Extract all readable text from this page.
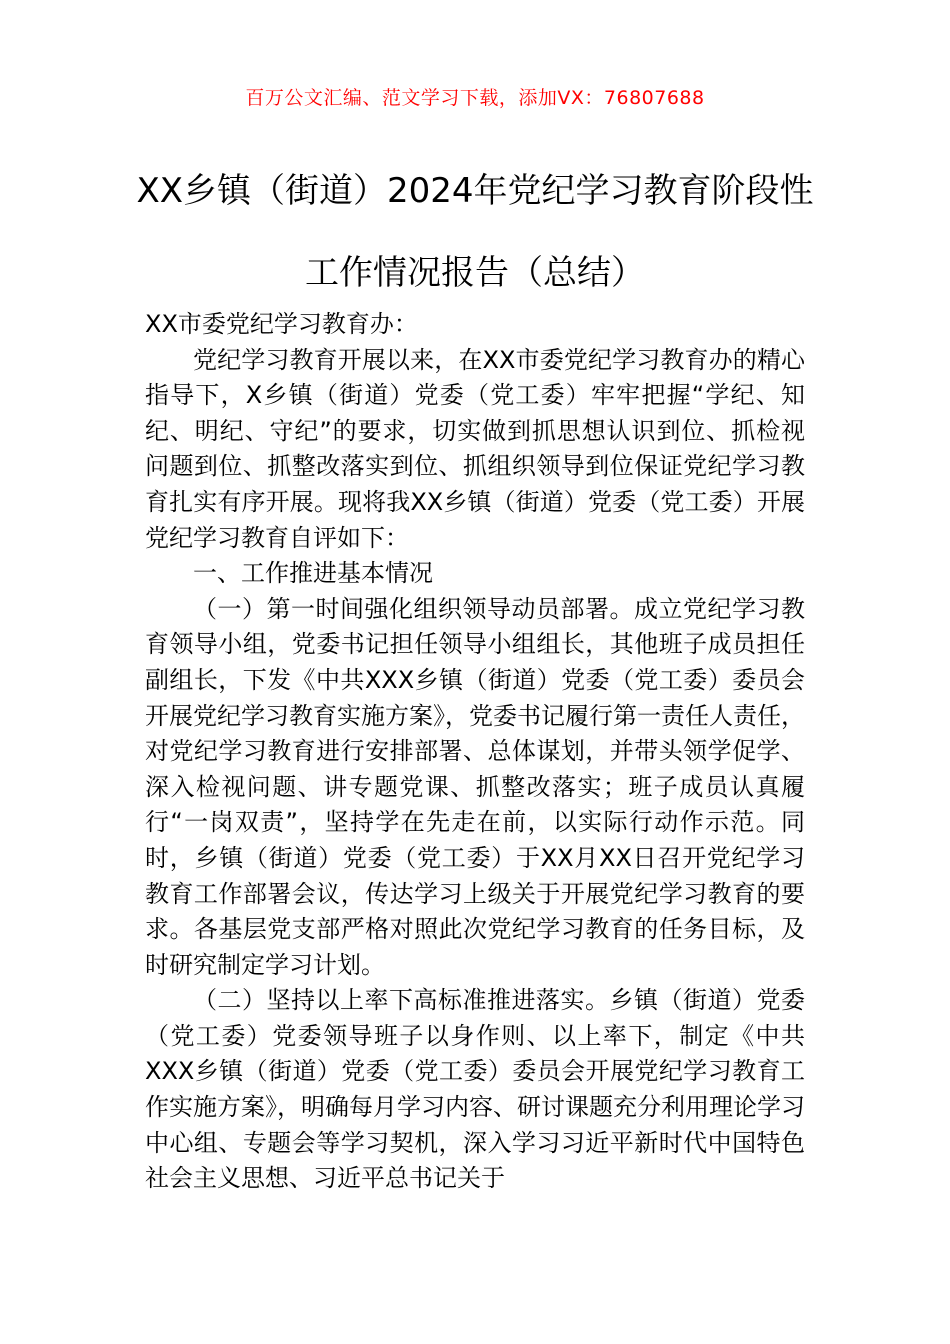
百万公文汇编、范文学习下载，添加VX：76807688
XX乡镇（街道）2024年党纪学习教育阶段性工作情况报告（总结）

XX市委党纪学习教育办：

党纪学习教育开展以来，在XX市委党纪学习教育办的精心指导下，X乡镇（街道）党委（党工委）牢牢把握“学纪、知纪、明纪、守纪”的要求，切实做到抓思想认识到位、抓检视问题到位、抓整改落实到位、抓组织领导到位保证党纪学习教育扎实有序开展。现将我XX乡镇（街道）党委（党工委）开展党纪学习教育自评如下：

一、工作推进基本情况

（一）第一时间强化组织领导动员部署。成立党纪学习教育领导小组，党委书记担任领导小组组长，其他班子成员担任副组长，下发《中共XXX乡镇（街道）党委（党工委）委员会开展党纪学习教育实施方案》，党委书记履行第一责任人责任，对党纪学习教育进行安排部署、总体谋划，并带头领学促学、深入检视问题、讲专题党课、抓整改落实；班子成员认真履行“一岗双责”，坚持学在先走在前，以实际行动作示范。同时，乡镇（街道）党委（党工委）于XX月XX日召开党纪学习教育工作部署会议，传达学习上级关于开展党纪学习教育的要求。各基层党支部严格对照此次党纪学习教育的任务目标，及时研究制定学习计划。

（二）坚持以上率下高标准推进落实。乡镇（街道）党委（党工委）党委领导班子以身作则、以上率下，制定《中共XXX乡镇（街道）党委（党工委）委员会开展党纪学习教育工作实施方案》，明确每月学习内容、研讨课题充分利用理论学习中心组、专题会等学习契机，深入学习习近平新时代中国特色社会主义思想、习近平总书记关于
